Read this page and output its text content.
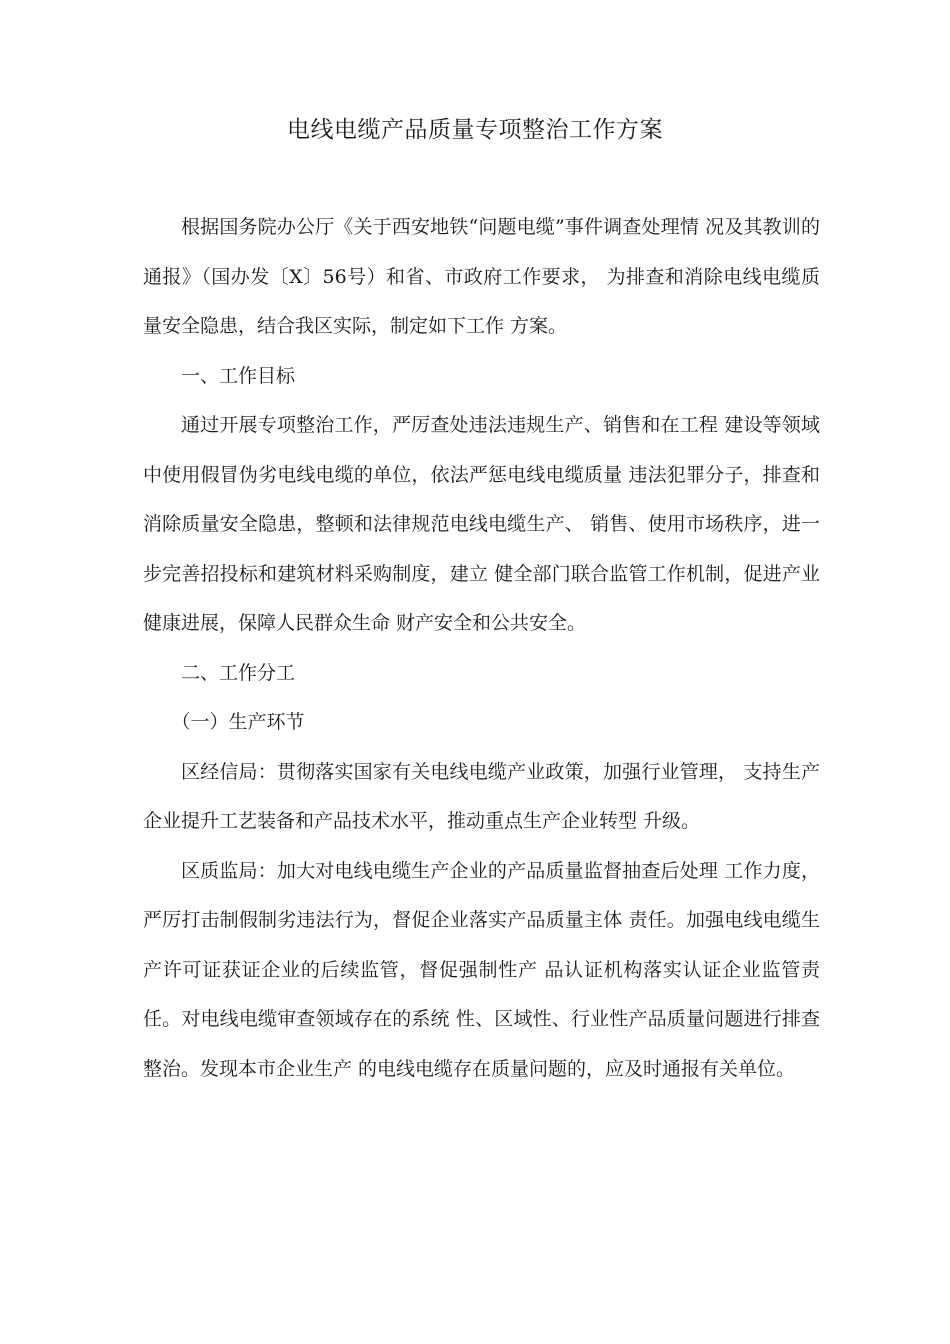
电线电缆产品质量专项整治工作方案

根据国务院办公厅《关于西安地铁“问题电缆”事件调查处理情 况及其教训的通报》（国办发〔X〕56号）和省、市政府工作要求， 为排查和消除电线电缆质量安全隐患，结合我区实际，制定如下工作 方案。

一、工作目标

通过开展专项整治工作，严厉查处违法违规生产、销售和在工程 建设等领域中使用假冒伪劣电线电缆的单位，依法严惩电线电缆质量 违法犯罪分子，排查和消除质量安全隐患，整顿和法律规范电线电缆生产、 销售、使用市场秩序，进一步完善招投标和建筑材料采购制度，建立 健全部门联合监管工作机制，促进产业健康进展，保障人民群众生命 财产安全和公共安全。

二、工作分工

（一）生产环节

区经信局：贯彻落实国家有关电线电缆产业政策，加强行业管理， 支持生产企业提升工艺装备和产品技术水平，推动重点生产企业转型 升级。

区质监局：加大对电线电缆生产企业的产品质量监督抽查后处理 工作力度，严厉打击制假制劣违法行为，督促企业落实产品质量主体 责任。加强电线电缆生产许可证获证企业的后续监管，督促强制性产 品认证机构落实认证企业监管责任。对电线电缆审查领域存在的系统 性、区域性、行业性产品质量问题进行排查整治。发现本市企业生产 的电线电缆存在质量问题的，应及时通报有关单位。
